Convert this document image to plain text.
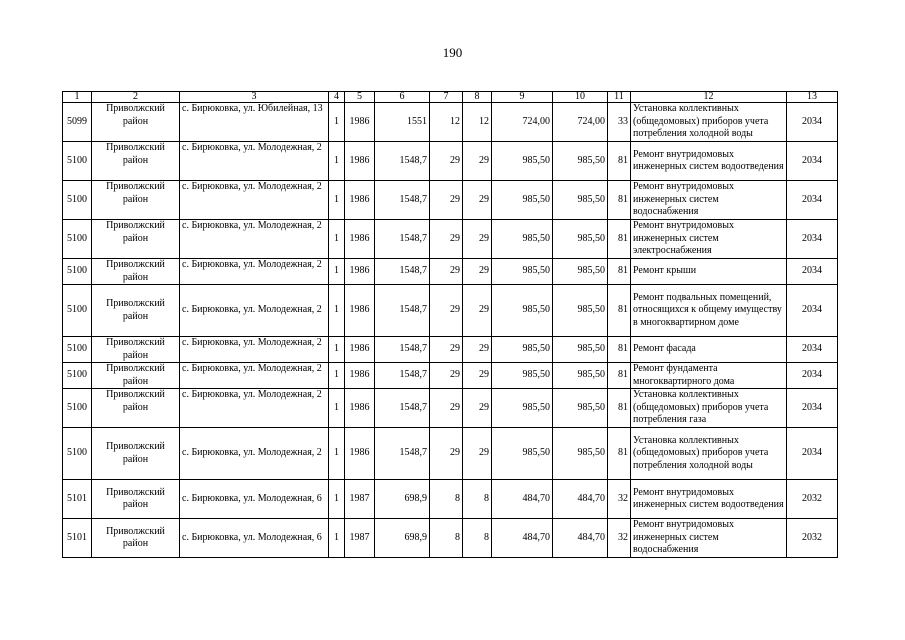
190
1	2	3	4	5	6	7	8	9	10	11	12	13
5099	Приволжский район	с. Бирюковка, ул. Юбилейная, 13	1	1986	1551	12	12	724,00	724,00	33	Установка коллективных (общедомовых) приборов учета потребления холодной воды	2034
5100	Приволжский район	с. Бирюковка, ул. Молодежная, 2	1	1986	1548,7	29	29	985,50	985,50	81	Ремонт внутридомовых инженерных систем водоотведения	2034
5100	Приволжский район	с. Бирюковка, ул. Молодежная, 2	1	1986	1548,7	29	29	985,50	985,50	81	Ремонт внутридомовых инженерных систем водоснабжения	2034
5100	Приволжский район	с. Бирюковка, ул. Молодежная, 2	1	1986	1548,7	29	29	985,50	985,50	81	Ремонт внутридомовых инженерных систем электроснабжения	2034
5100	Приволжский район	с. Бирюковка, ул. Молодежная, 2	1	1986	1548,7	29	29	985,50	985,50	81	Ремонт крыши	2034
5100	Приволжский район	с. Бирюковка, ул. Молодежная, 2	1	1986	1548,7	29	29	985,50	985,50	81	Ремонт подвальных помещений, относящихся к общему имуществу в многоквартирном доме	2034
5100	Приволжский район	с. Бирюковка, ул. Молодежная, 2	1	1986	1548,7	29	29	985,50	985,50	81	Ремонт фасада	2034
5100	Приволжский район	с. Бирюковка, ул. Молодежная, 2	1	1986	1548,7	29	29	985,50	985,50	81	Ремонт фундамента многоквартирного дома	2034
5100	Приволжский район	с. Бирюковка, ул. Молодежная, 2	1	1986	1548,7	29	29	985,50	985,50	81	Установка коллективных (общедомовых) приборов учета потребления газа	2034
5100	Приволжский район	с. Бирюковка, ул. Молодежная, 2	1	1986	1548,7	29	29	985,50	985,50	81	Установка коллективных (общедомовых) приборов учета потребления холодной воды	2034
5101	Приволжский район	с. Бирюковка, ул. Молодежная, 6	1	1987	698,9	8	8	484,70	484,70	32	Ремонт внутридомовых инженерных систем водоотведения	2032
5101	Приволжский район	с. Бирюковка, ул. Молодежная, 6	1	1987	698,9	8	8	484,70	484,70	32	Ремонт внутридомовых инженерных систем водоснабжения	2032
